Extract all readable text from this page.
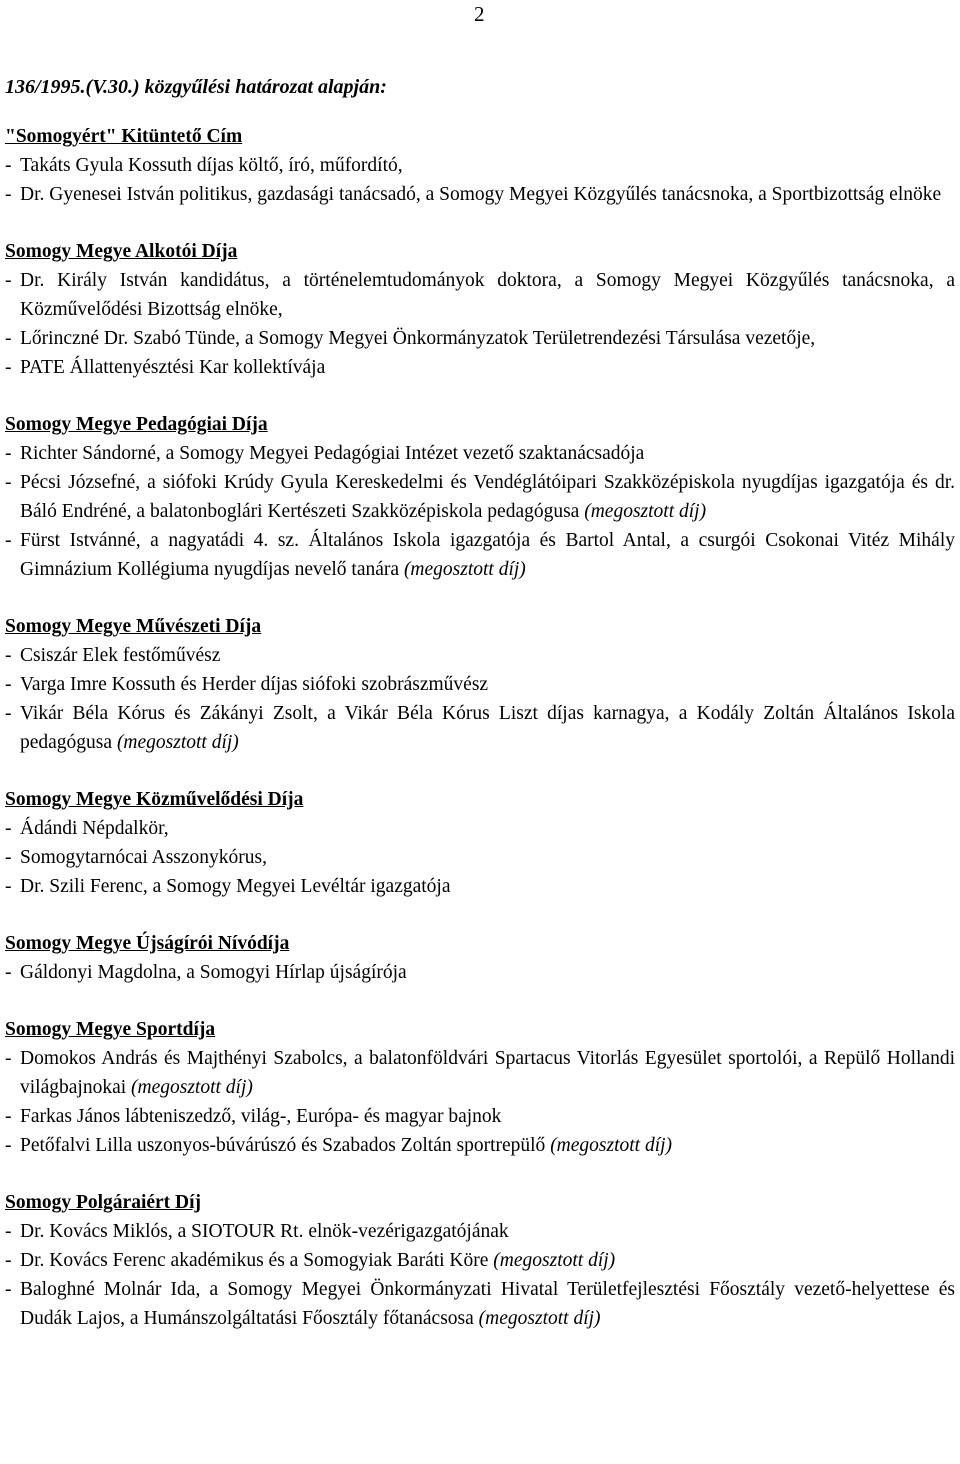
2
136/1995.(V.30.) közgyűlési határozat alapján:
"Somogyért" Kitüntető Cím
- Takáts Gyula Kossuth díjas költő, író, műfordító,
- Dr. Gyenesei István politikus, gazdasági tanácsadó, a Somogy Megyei Közgyűlés tanácsnoka, a Sportbizottság elnöke
Somogy Megye Alkotói Díja
- Dr. Király István kandidátus, a történelemtudományok doktora, a Somogy Megyei Közgyűlés tanácsnoka, a Közművelődési Bizottság elnöke,
- Lőrinczné Dr. Szabó Tünde, a Somogy Megyei Önkormányzatok Területrendezési Társulása vezetője,
- PATE Állattenyésztési Kar kollektívája
Somogy Megye Pedagógiai Díja
- Richter Sándorné, a Somogy Megyei Pedagógiai Intézet vezető szaktanácsadója
- Pécsi Józsefné, a siófoki Krúdy Gyula Kereskedelmi és Vendéglátóipari Szakközépiskola nyugdíjas igazgatója és dr. Báló Endréné, a balatonboglári Kertészeti Szakközépiskola pedagógusa (megosztott díj)
- Fürst Istvánné, a nagyatádi 4. sz. Általános Iskola igazgatója és Bartol Antal, a csurgói Csokonai Vitéz Mihály Gimnázium Kollégiuma nyugdíjas nevelő tanára (megosztott díj)
Somogy Megye Művészeti Díja
- Csiszár Elek festőművész
- Varga Imre Kossuth és Herder díjas siófoki szobrászművész
- Vikár Béla Kórus és Zákányi Zsolt, a Vikár Béla Kórus Liszt díjas karnagya, a Kodály Zoltán Általános Iskola pedagógusa (megosztott díj)
Somogy Megye Közművelődési Díja
- Ádándi Népdalkör,
- Somogytarnócai Asszonykórus,
- Dr. Szili Ferenc, a Somogy Megyei Levéltár igazgatója
Somogy Megye Újságírói Nívódíja
- Gáldonyi Magdolna, a Somogyi Hírlap újságírója
Somogy Megye Sportdíja
- Domokos András és Majthényi Szabolcs, a balatonföldvári Spartacus Vitorlás Egyesület sportolói, a Repülő Hollandi világbajnokai (megosztott díj)
- Farkas János lábteniszedző, világ-, Európa- és magyar bajnok
- Petőfalvi Lilla uszonyos-búvárúszó és Szabados Zoltán sportrepülő (megosztott díj)
Somogy Polgáraiért Díj
- Dr. Kovács Miklós, a SIOTOUR Rt. elnök-vezérigazgatójának
- Dr. Kovács Ferenc akadémikus és a Somogyiak Baráti Köre (megosztott díj)
- Baloghné Molnár Ida, a Somogy Megyei Önkormányzati Hivatal Területfejlesztési Főosztály vezető-helyettese és Dudák Lajos, a Humánszolgáltatási Főosztály főtanácsosa (megosztott díj)
